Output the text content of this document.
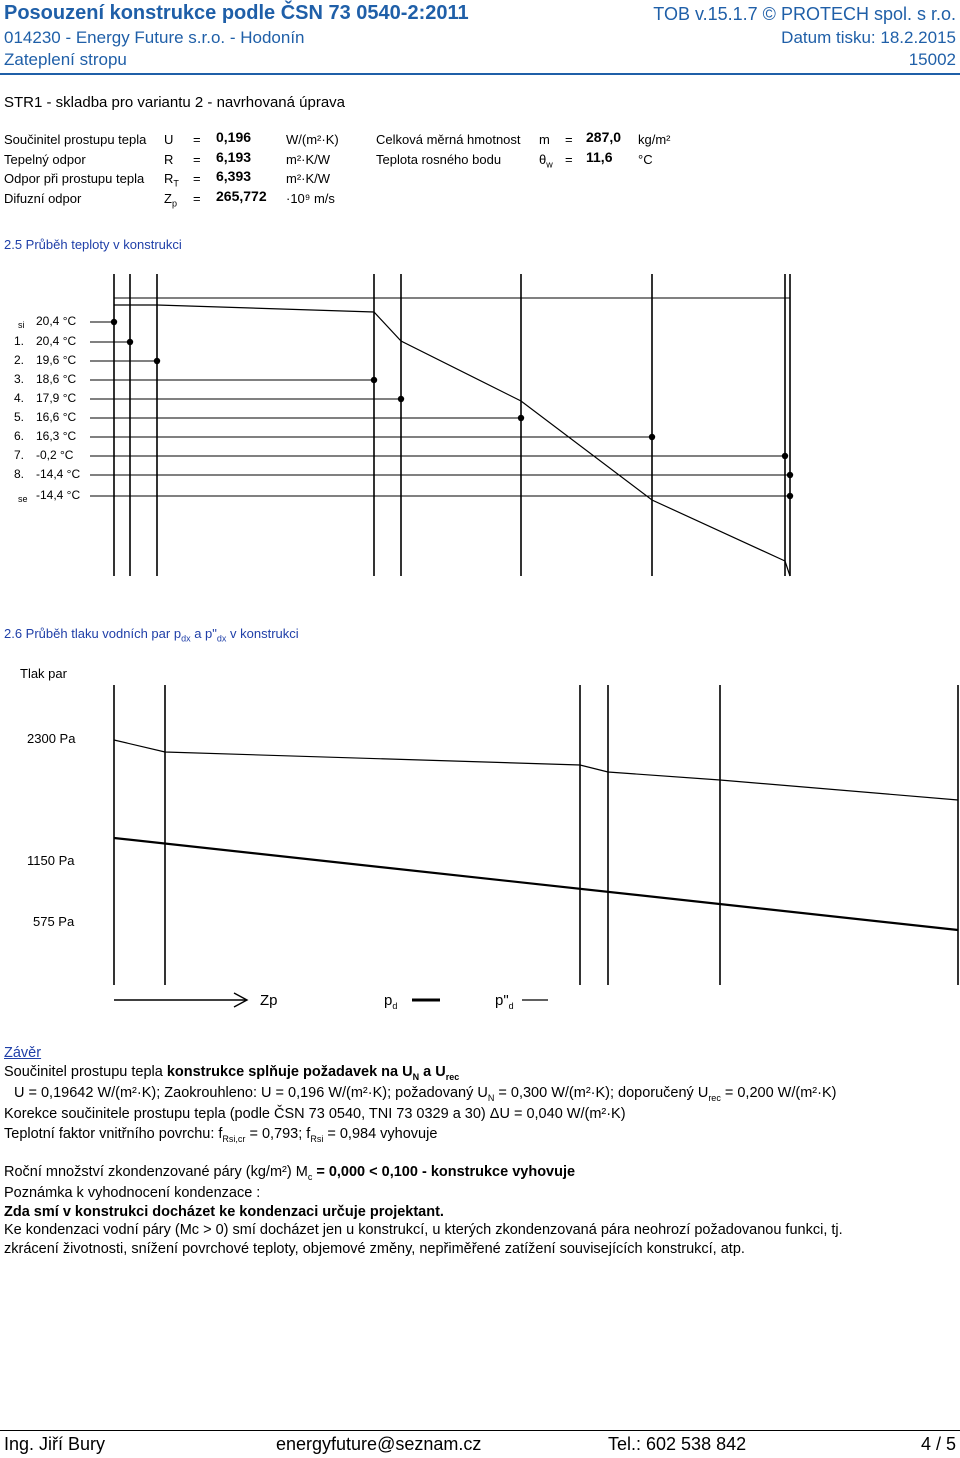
Posouzení konstrukce podle ČSN 73 0540-2:2011	TOB v.15.1.7 © PROTECH spol. s r.o.
014230 - Energy Future s.r.o. - Hodonín	Datum tisku: 18.2.2015
Zateplení stropu	15002
STR1 - skladba pro variantu 2 - navrhovaná úprava
Součinitel prostupu tepla U = 0,196	W/(m²·K)
Tepelný odpor	R = 6,193	m²·K/W
Odpor při prostupu tepla $R_T = 6,393$	m²·K/W
Difuzní odpor	$Z_p = 265,772 \cdot 10^9$ m/s
Celková měrná hmotnost m = 287,0 kg/m²
Teplota rosného bodu	$\theta_w = 11,6$ °C
2.5 Průběh teploty v konstrukci
si 20,4 °C
1. 20,4 °C
2. 19,6 °C
3. 18,6 °C
4. 17,9 °C
5. 16,6 °C
6. 16,3 °C
7. -0,2 °C
8. -14,4 °C
se -14,4 °C
2.6 Průběh tlaku vodních par $p_{dx}$ a $p"_{dx}$ v konstrukci
Tlak par
2300 Pa
1150 Pa
575 Pa
Zp	$p_d$	$p"_d$
Závěr
Součinitel prostupu tepla konstrukce splňuje požadavek na $U_N$ a $U_{rec}$
U = 0,19642 W/(m²·K); Zaokrouhleno: U = 0,196 W/(m²·K); požadovaný $U_N = 0,300$ W/(m²·K); doporučený $U_{rec} = 0,200$ W/(m²·K)
Korekce součinitele prostupu tepla (podle ČSN 73 0540, TNI 73 0329 a 30) ΔU = 0,040 W/(m²·K)
Teplotní faktor vnitřního povrchu: $f_{Rsi,cr} = 0,793$; $f_{Rsi} = 0,984$ vyhovuje
Roční množství zkondenzované páry (kg/m²) $M_c = 0,000 < 0,100$ - konstrukce vyhovuje
Poznámka k vyhodnocení kondenzace :
Zda smí v konstrukci docházet ke kondenzaci určuje projektant.
Ke kondenzaci vodní páry (Mc > 0) smí docházet jen u konstrukcí, u kterých zkondenzovaná pára neohrozí požadovanou funkci, tj.
zkrácení životnosti, snížení povrchové teploty, objemové změny, nepřiměřené zatížení souvisejících konstrukcí, atp.
Ing. Jiří Bury	energyfuture@seznam.cz	Tel.: 602 538 842	4 / 5
